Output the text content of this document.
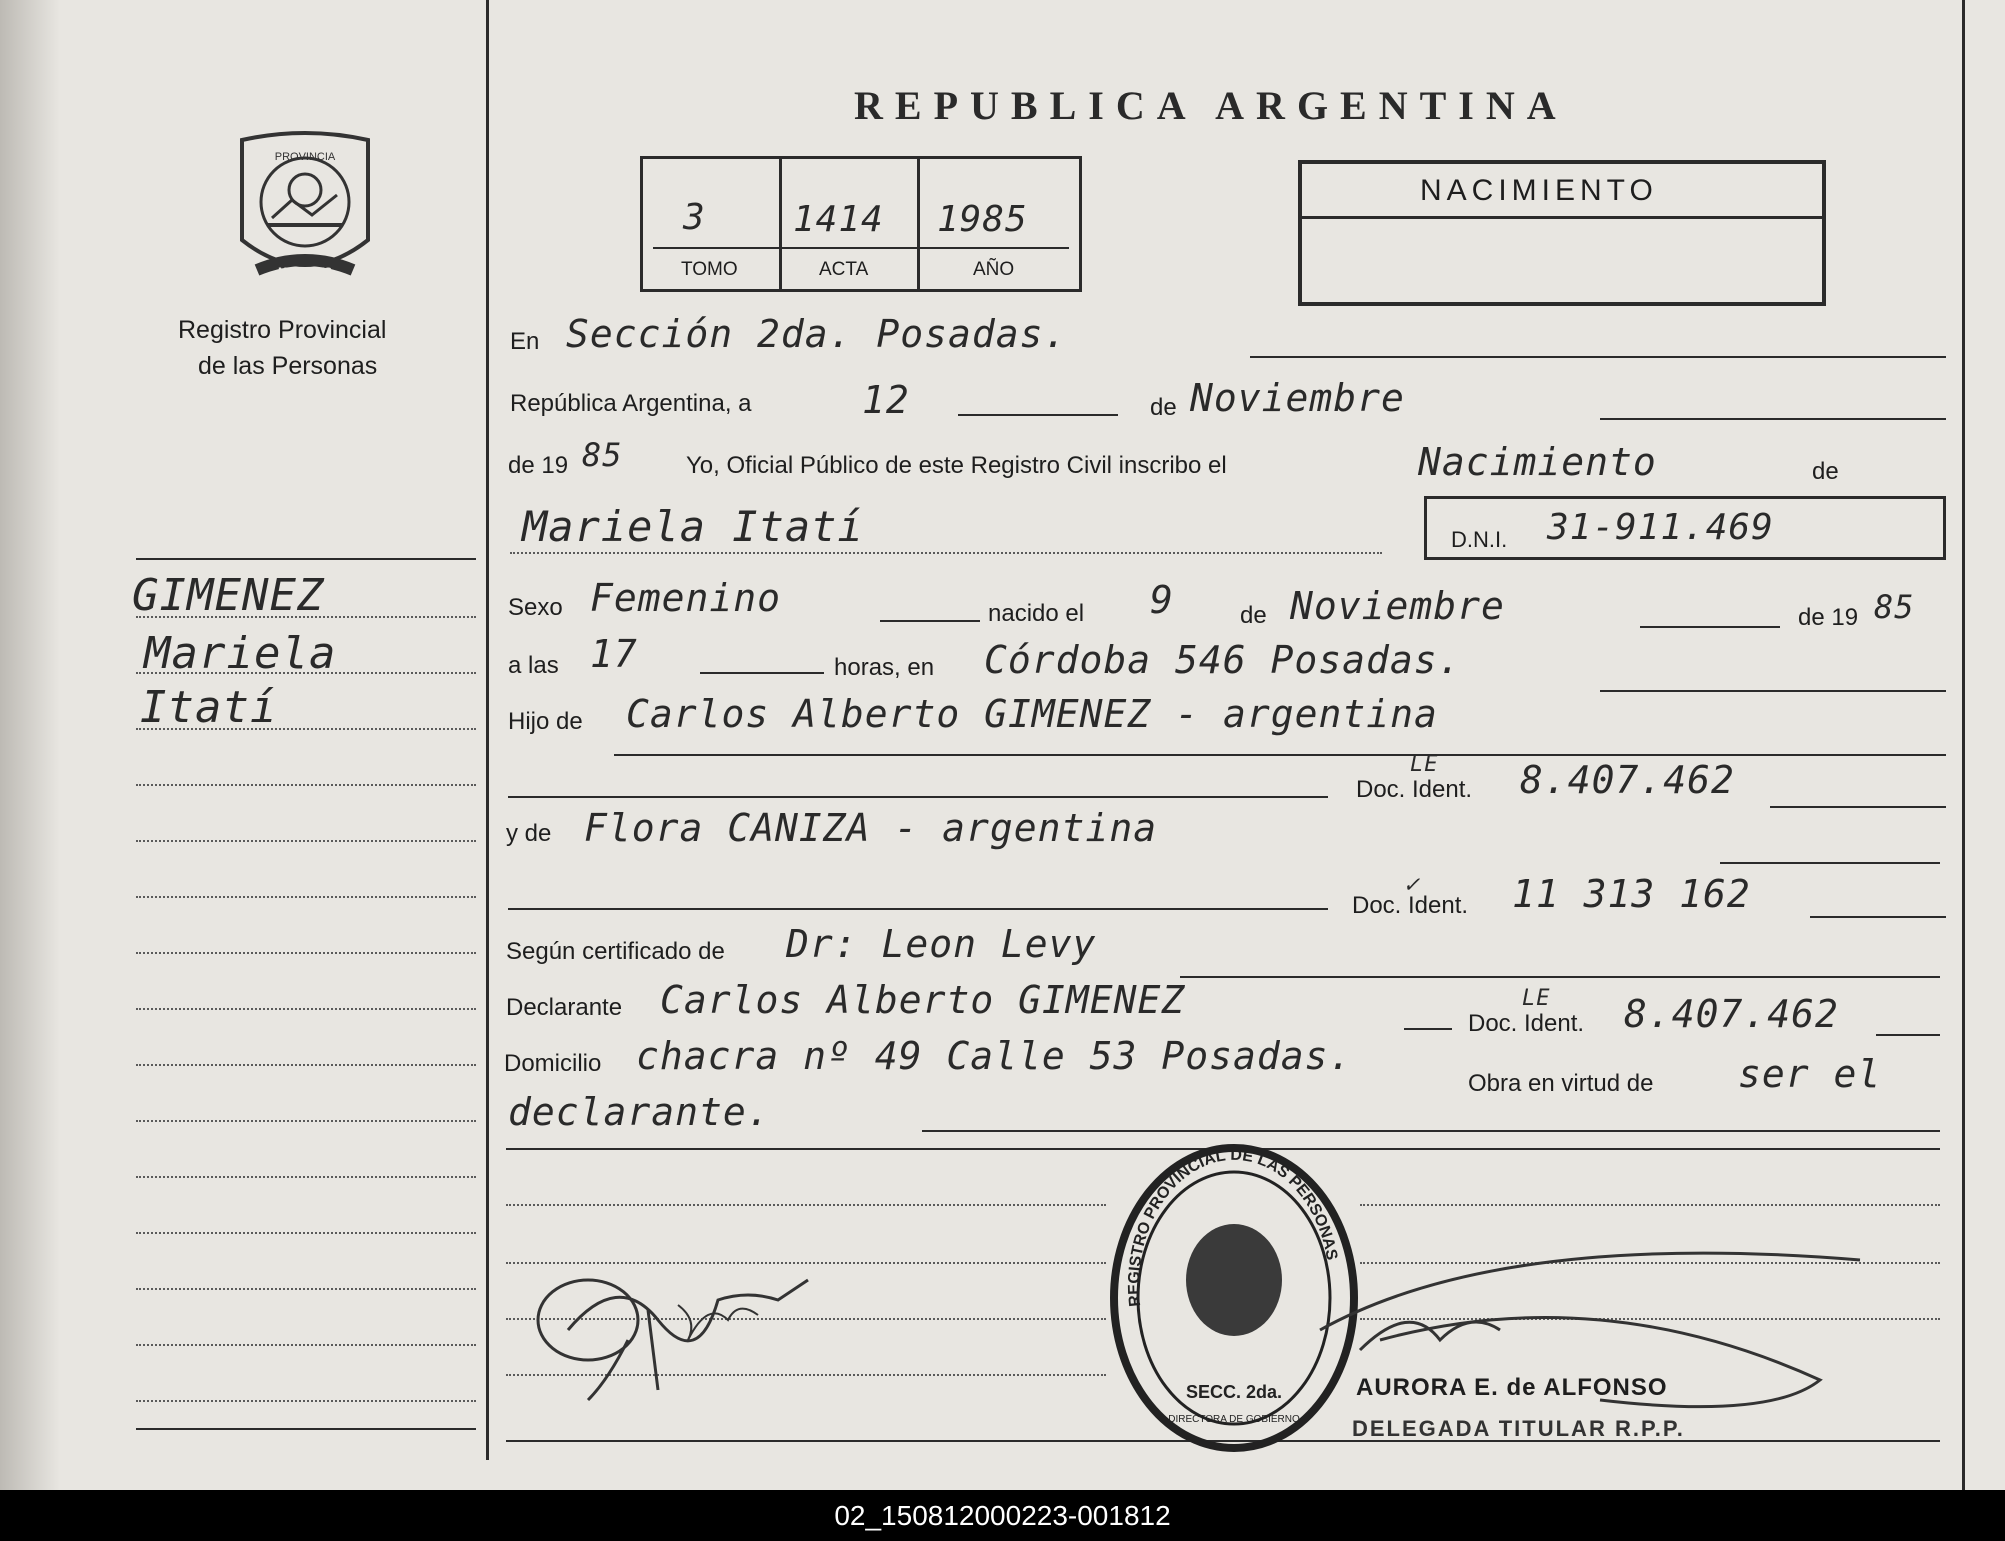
PROVINCIA
MISIONES
Registro Provincial
de las Personas
GIMENEZ
Mariela
Itatí
REPUBLICA ARGENTINA
3 1414 1985
TOMO	ACTA	AÑO
NACIMIENTO
En Sección 2da. Posadas.
República Argentina, a	12	de Noviembre
de 19 85	Yo, Oficial Público de este Registro Civil inscribo el	Nacimiento	de
Mariela Itatí	D.N.I. 31-911.469
Sexo Femenino	nacido el 9	de Noviembre	de 19 85
a las 17	horas, en Córdoba 546 Posadas.
Hijo de Carlos Alberto GIMENEZ - argentina
Doc. Ident.
LE 8.407.462
y de Flora CANIZA - argentina
Doc. Ident.
✓ 11 313 162
Según certificado de Dr: Leon Levy
Declarante Carlos Alberto GIMENEZ
Doc. Ident.
LE 8.407.462
Domicilio chacra nº 49 Calle 53 Posadas.
Obra en virtud de ser el
declarante.
REGISTRO PROVINCIAL DE LAS PERSONAS
SECC. 2da.
DIRECTORA DE GOBIERNO
AURORA E. de ALFONSO
DELEGADA TITULAR R.P.P.
02_150812000223-001812
